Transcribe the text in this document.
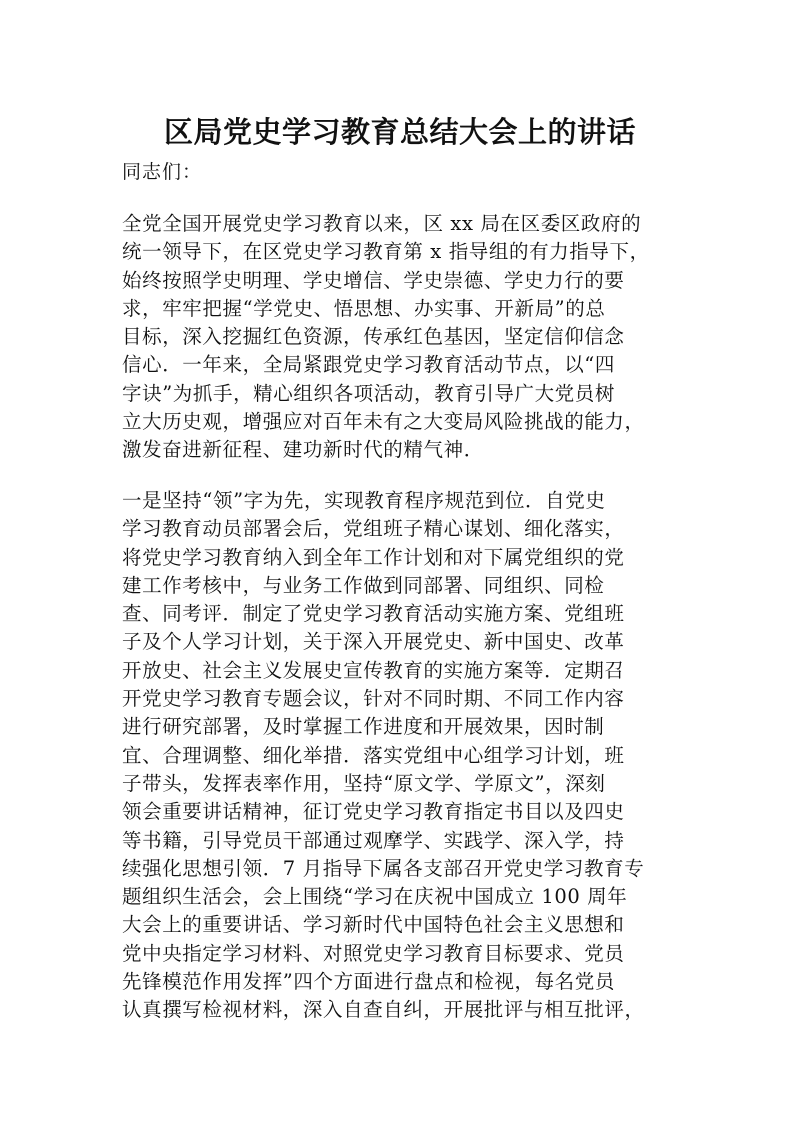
区局党史学习教育总结大会上的讲话
同志们：
全党全国开展党史学习教育以来，区 xx 局在区委区政府的
统一领导下，在区党史学习教育第 x 指导组的有力指导下，
始终按照学史明理、学史增信、学史崇德、学史力行的要
求，牢牢把握“学党史、悟思想、办实事、开新局”的总
目标，深入挖掘红色资源，传承红色基因，坚定信仰信念
信心．一年来，全局紧跟党史学习教育活动节点，以“四
字诀”为抓手，精心组织各项活动，教育引导广大党员树
立大历史观，增强应对百年未有之大变局风险挑战的能力，
激发奋进新征程、建功新时代的精气神．
一是坚持“领”字为先，实现教育程序规范到位．自党史
学习教育动员部署会后，党组班子精心谋划、细化落实，
将党史学习教育纳入到全年工作计划和对下属党组织的党
建工作考核中，与业务工作做到同部署、同组织、同检
查、同考评．制定了党史学习教育活动实施方案、党组班
子及个人学习计划，关于深入开展党史、新中国史、改革
开放史、社会主义发展史宣传教育的实施方案等．定期召
开党史学习教育专题会议，针对不同时期、不同工作内容
进行研究部署，及时掌握工作进度和开展效果，因时制
宜、合理调整、细化举措．落实党组中心组学习计划，班
子带头，发挥表率作用，坚持“原文学、学原文”，深刻
领会重要讲话精神，征订党史学习教育指定书目以及四史
等书籍，引导党员干部通过观摩学、实践学、深入学，持
续强化思想引领．7 月指导下属各支部召开党史学习教育专
题组织生活会，会上围绕“学习在庆祝中国成立 100 周年
大会上的重要讲话、学习新时代中国特色社会主义思想和
党中央指定学习材料、对照党史学习教育目标要求、党员
先锋模范作用发挥”四个方面进行盘点和检视，每名党员
认真撰写检视材料，深入自查自纠，开展批评与相互批评，
